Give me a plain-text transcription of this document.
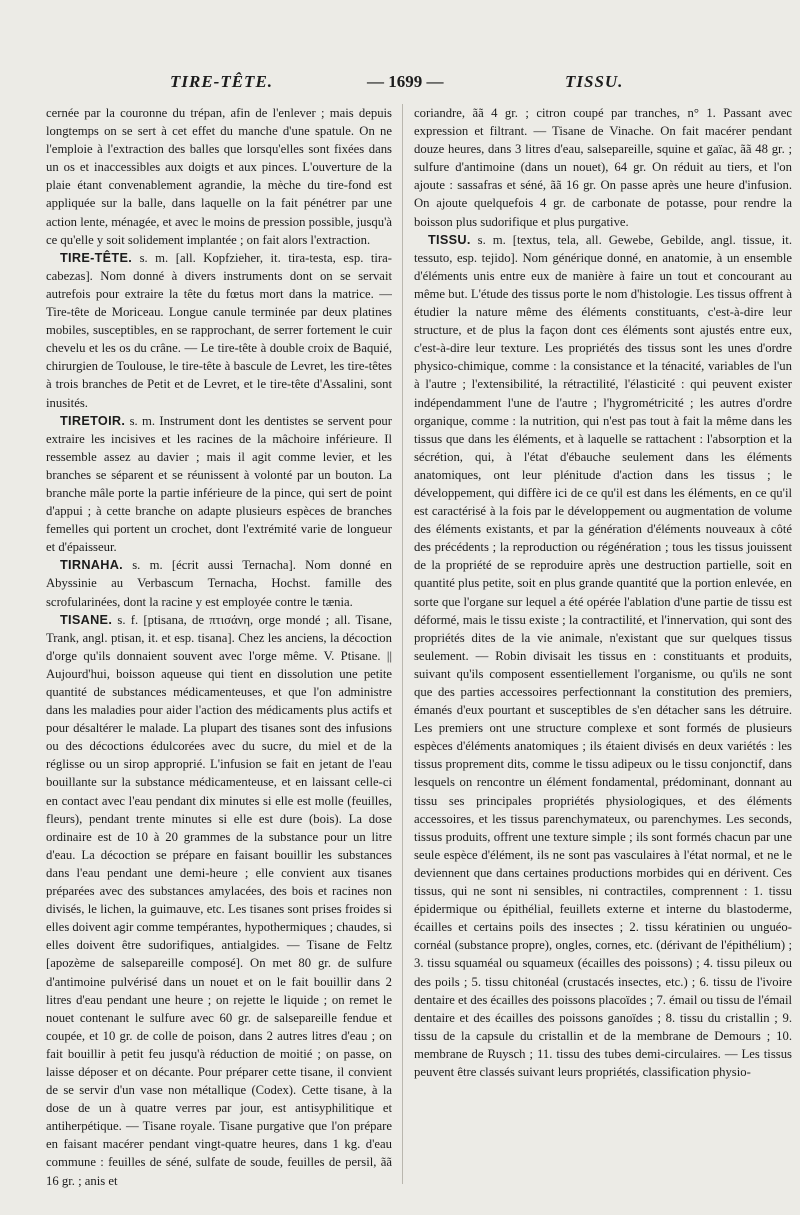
TIRE-TÊTE.	— 1699 —	TISSU.

cernée par la couronne du trépan, afin de l'enlever ; mais depuis longtemps on se sert à cet effet du manche d'une spatule. On ne l'emploie à l'extraction des balles que lorsqu'elles sont fixées dans un os et inaccessibles aux doigts et aux pinces. L'ouverture de la plaie étant convenablement agrandie, la mèche du tire-fond est appliquée sur la balle, dans laquelle on la fait pénétrer par une action lente, ménagée, et avec le moins de pression possible, jusqu'à ce qu'elle y soit solidement implantée ; on fait alors l'extraction.

TIRE-TÊTE. s. m. [all. Kopfzieher, it. tira-testa, esp. tira-cabezas]. Nom donné à divers instruments dont on se servait autrefois pour extraire la tête du fœtus mort dans la matrice. — Tire-tête de Moriceau. Longue canule terminée par deux platines mobiles, susceptibles, en se rapprochant, de serrer fortement le cuir chevelu et les os du crâne. — Le tire-tête à double croix de Baquié, chirurgien de Toulouse, le tire-tête à bascule de Levret, les tire-têtes à trois branches de Petit et de Levret, et le tire-tête d'Assalini, sont inusités.

TIRETOIR. s. m. Instrument dont les dentistes se servent pour extraire les incisives et les racines de la mâchoire inférieure. Il ressemble assez au davier ; mais il agit comme levier, et les branches se séparent et se réunissent à volonté par un bouton. La branche mâle porte la partie inférieure de la pince, qui sert de point d'appui ; à cette branche on adapte plusieurs espèces de branches femelles qui portent un crochet, dont l'extrémité varie de longueur et d'épaisseur.

TIRNAHA. s. m. [écrit aussi Ternacha]. Nom donné en Abyssinie au Verbascum Ternacha, Hochst. famille des scrofularinées, dont la racine y est employée contre le tænia.

TISANE. s. f. [ptisana, de πτισάνη, orge mondé ; all. Tisane, Trank, angl. ptisan, it. et esp. tisana]. Chez les anciens, la décoction d'orge qu'ils donnaient souvent avec l'orge même. V. Ptisane. || Aujourd'hui, boisson aqueuse qui tient en dissolution une petite quantité de substances médicamenteuses, et que l'on administre dans les maladies pour aider l'action des médicaments plus actifs et pour désaltérer le malade. La plupart des tisanes sont des infusions ou des décoctions édulcorées avec du sucre, du miel et de la réglisse ou un sirop approprié. L'infusion se fait en jetant de l'eau bouillante sur la substance médicamenteuse, et en laissant celle-ci en contact avec l'eau pendant dix minutes si elle est molle (feuilles, fleurs), pendant trente minutes si elle est dure (bois). La dose ordinaire est de 10 à 20 grammes de la substance pour un litre d'eau. La décoction se prépare en faisant bouillir les substances dans l'eau pendant une demi-heure ; elle convient aux tisanes préparées avec des substances amylacées, des bois et racines non divisés, le lichen, la guimauve, etc. Les tisanes sont prises froides si elles doivent agir comme tempérantes, hypothermiques ; chaudes, si elles doivent être sudorifiques, antialgides. — Tisane de Feltz [apozème de salsepareille composé]. On met 80 gr. de sulfure d'antimoine pulvérisé dans un nouet et on le fait bouillir dans 2 litres d'eau pendant une heure ; on rejette le liquide ; on remet le nouet contenant le sulfure avec 60 gr. de salsepareille fendue et coupée, et 10 gr. de colle de poison, dans 2 autres litres d'eau ; on fait bouillir à petit feu jusqu'à réduction de moitié ; on passe, on laisse déposer et on décante. Pour préparer cette tisane, il convient de se servir d'un vase non métallique (Codex). Cette tisane, à la dose de un à quatre verres par jour, est antisyphilitique et antiherpétique. — Tisane royale. Tisane purgative que l'on prépare en faisant macérer pendant vingt-quatre heures, dans 1 kg. d'eau commune : feuilles de séné, sulfate de soude, feuilles de persil, ãã 16 gr. ; anis et

coriandre, ãã 4 gr. ; citron coupé par tranches, n° 1. Passant avec expression et filtrant. — Tisane de Vinache. On fait macérer pendant douze heures, dans 3 litres d'eau, salsepareille, squine et gaïac, ãã 48 gr. ; sulfure d'antimoine (dans un nouet), 64 gr. On réduit au tiers, et l'on ajoute : sassafras et séné, ãã 16 gr. On passe après une heure d'infusion. On ajoute quelquefois 4 gr. de carbonate de potasse, pour rendre la boisson plus sudorifique et plus purgative.

TISSU. s. m. [textus, tela, all. Gewebe, Gebilde, angl. tissue, it. tessuto, esp. tejido]. Nom générique donné, en anatomie, à un ensemble d'éléments unis entre eux de manière à faire un tout et concourant au même but. L'étude des tissus porte le nom d'histologie. Les tissus offrent à étudier la nature même des éléments constituants, c'est-à-dire leur structure, et de plus la façon dont ces éléments sont ajustés entre eux, c'est-à-dire leur texture. Les propriétés des tissus sont les unes d'ordre physico-chimique, comme : la consistance et la ténacité, variables de l'un à l'autre ; l'extensibilité, la rétractilité, l'élasticité : qui peuvent exister indépendamment l'une de l'autre ; l'hygrométricité ; les autres d'ordre organique, comme : la nutrition, qui n'est pas tout à fait la même dans les tissus que dans les éléments, et à laquelle se rattachent : l'absorption et la sécrétion, qui, à l'état d'ébauche seulement dans les éléments anatomiques, ont leur plénitude d'action dans les tissus ; le développement, qui diffère ici de ce qu'il est dans les éléments, en ce qu'il est caractérisé à la fois par le développement ou augmentation de volume des éléments existants, et par la génération d'éléments nouveaux à côté des précédents ; la reproduction ou régénération ; tous les tissus jouissent de la propriété de se reproduire après une destruction partielle, soit en quantité plus petite, soit en plus grande quantité que la portion enlevée, en sorte que l'organe sur lequel a été opérée l'ablation d'une partie de tissu est déformé, mais le tissu existe ; la contractilité, et l'innervation, qui sont des propriétés dites de la vie animale, n'existant que sur quelques tissus seulement. — Robin divisait les tissus en : constituants et produits, suivant qu'ils composent essentiellement l'organisme, ou qu'ils ne sont que des parties accessoires perfectionnant la constitution des premiers, émanés d'eux pourtant et susceptibles de s'en détacher sans les détruire. Les premiers ont une structure complexe et sont formés de plusieurs espèces d'éléments anatomiques ; ils étaient divisés en deux variétés : les tissus proprement dits, comme le tissu adipeux ou le tissu conjonctif, dans lesquels on rencontre un élément fondamental, prédominant, donnant au tissu ses principales propriétés physiologiques, et des éléments accessoires, et les tissus parenchymateux, ou parenchymes. Les seconds, tissus produits, offrent une texture simple ; ils sont formés chacun par une seule espèce d'élément, ils ne sont pas vasculaires à l'état normal, et ne le deviennent que dans certaines productions morbides qui en dérivent. Ces tissus, qui ne sont ni sensibles, ni contractiles, comprennent : 1. tissu épidermique ou épithélial, feuillets externe et interne du blastoderme, écailles et certains poils des insectes ; 2. tissu kératinien ou unguéo-cornéal (substance propre), ongles, cornes, etc. (dérivant de l'épithélium) ; 3. tissu squaméal ou squameux (écailles des poissons) ; 4. tissu pileux ou des poils ; 5. tissu chitonéal (crustacés insectes, etc.) ; 6. tissu de l'ivoire dentaire et des écailles des poissons placoïdes ; 7. émail ou tissu de l'émail dentaire et des écailles des poissons ganoïdes ; 8. tissu du cristallin ; 9. tissu de la capsule du cristallin et de la membrane de Demours ; 10. membrane de Ruysch ; 11. tissu des tubes demi-circulaires. — Les tissus peuvent être classés suivant leurs propriétés, classification physio-
